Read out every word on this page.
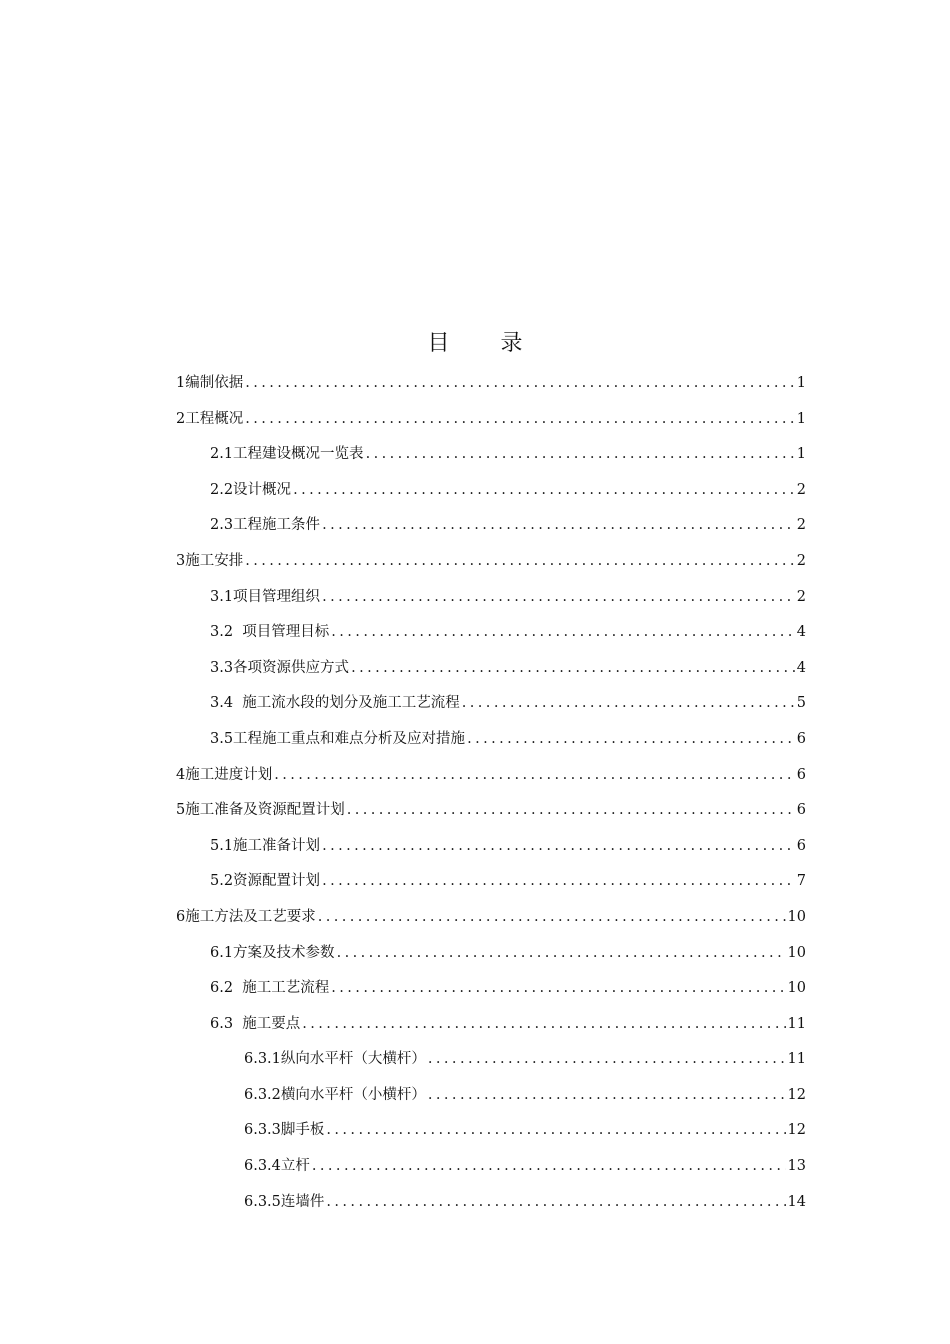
目 录
1编制依据 .....	1
2工程概况 .....	1
2.1工程建设概况一览表 .....	1
2.2设计概况 .....	2
2.3工程施工条件 .....	2
3施工安排 .....	2
3.1项目管理组织 .....	2
3.2  项目管理目标 .....	4
3.3各项资源供应方式 .....	4
3.4  施工流水段的划分及施工工艺流程 .....	5
3.5工程施工重点和难点分析及应对措施 .....	6
4施工进度计划 .....	6
5施工准备及资源配置计划 .....	6
5.1施工准备计划 .....	6
5.2资源配置计划 .....	7
6施工方法及工艺要求 .....	10
6.1方案及技术参数 .....	10
6.2  施工工艺流程 .....	10
6.3  施工要点 .....	11
6.3.1纵向水平杆（大横杆） .....	11
6.3.2横向水平杆（小横杆） .....	12
6.3.3脚手板 .....	12
6.3.4立杆 .....	13
6.3.5连墙件 .....	14
